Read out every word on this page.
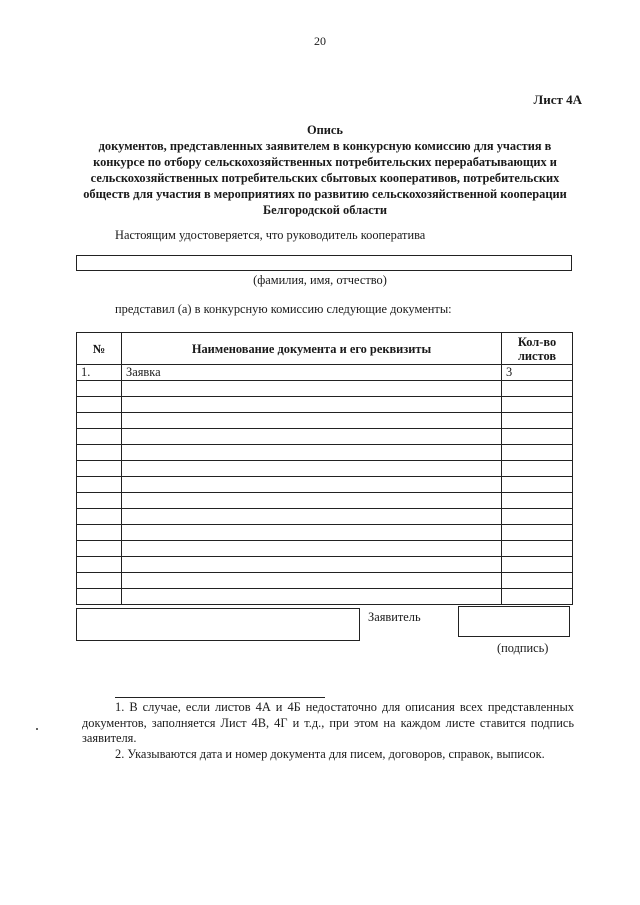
20
Лист 4А
Опись
документов, представленных заявителем в конкурсную комиссию для участия в
конкурсе по отбору сельскохозяйственных потребительских перерабатывающих и
сельскохозяйственных потребительских сбытовых кооперативов, потребительских
обществ для участия в мероприятиях по развитию сельскохозяйственной кооперации
Белгородской области
Настоящим удостоверяется, что руководитель кооператива
(фамилия, имя, отчество)
представил (а) в конкурсную комиссию следующие документы:
№	Наименование документа и его реквизиты	Кол-во листов
1.	Заявка	3

Заявитель
(подпись)

1. В случае, если листов 4А и 4Б недостаточно для описания всех представленных документов, заполняется Лист 4В, 4Г и т.д., при этом на каждом листе ставится подпись заявителя.

2. Указываются дата и номер документа для писем, договоров, справок, выписок.
